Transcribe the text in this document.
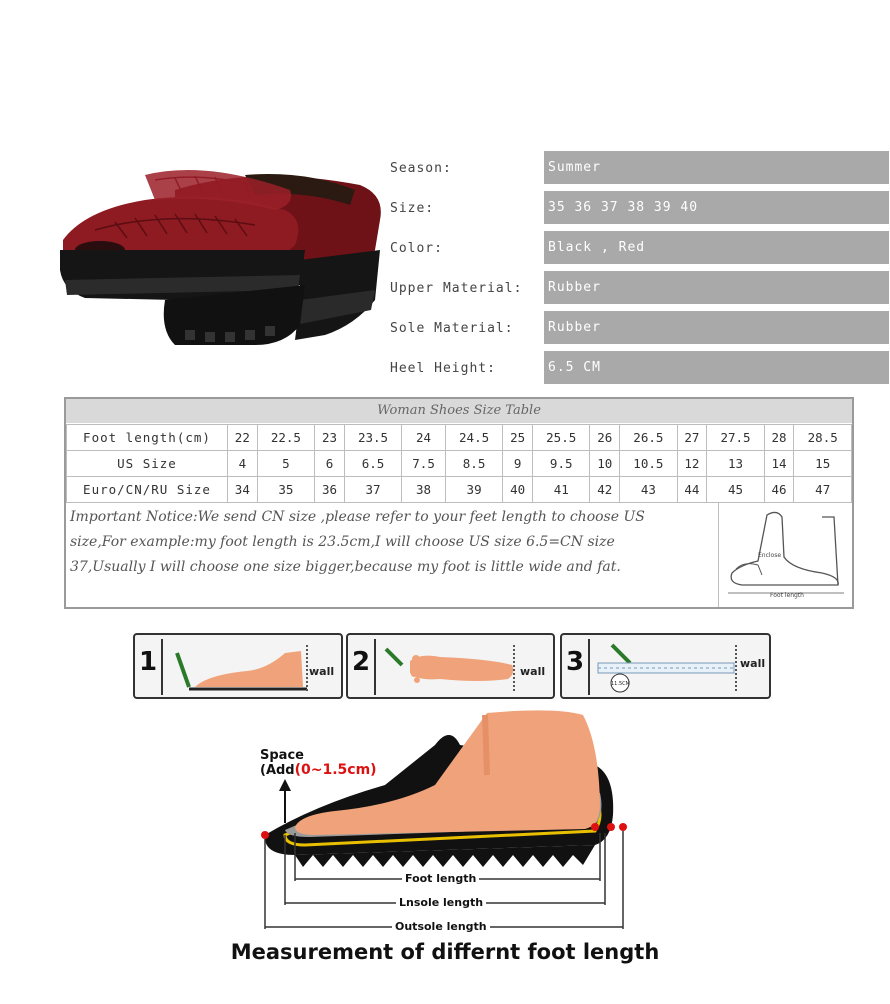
Season:	Summer
Size:	35 36 37 38 39 40
Color:	Black , Red
Upper Material:	Rubber
Sole Material:	Rubber
Heel Height:	6.5 CM
Woman Shoes Size Table
Foot length(cm)	22	22.5	23	23.5	24	24.5	25	25.5	26	26.5	27	27.5	28	28.5
US Size	4	5	6	6.5	7.5	8.5	9	9.5	10	10.5	12	13	14	15
Euro/CN/RU Size	34	35	36	37	38	39	40	41	42	43	44	45	46	47
Important Notice:We send CN size ,please refer to your feet length to choose US
size,For example:my foot length is 23.5cm,I will choose US size 6.5=CN size
37,Usually I will choose one size bigger,because my foot is little wide and fat.
Enclose
Foot length
1	wall 2	wall 3
11.5CM
wall
Space
(Add(0~1.5cm)
Foot length
Lnsole length
Outsole length
Measurement of differnt foot length
